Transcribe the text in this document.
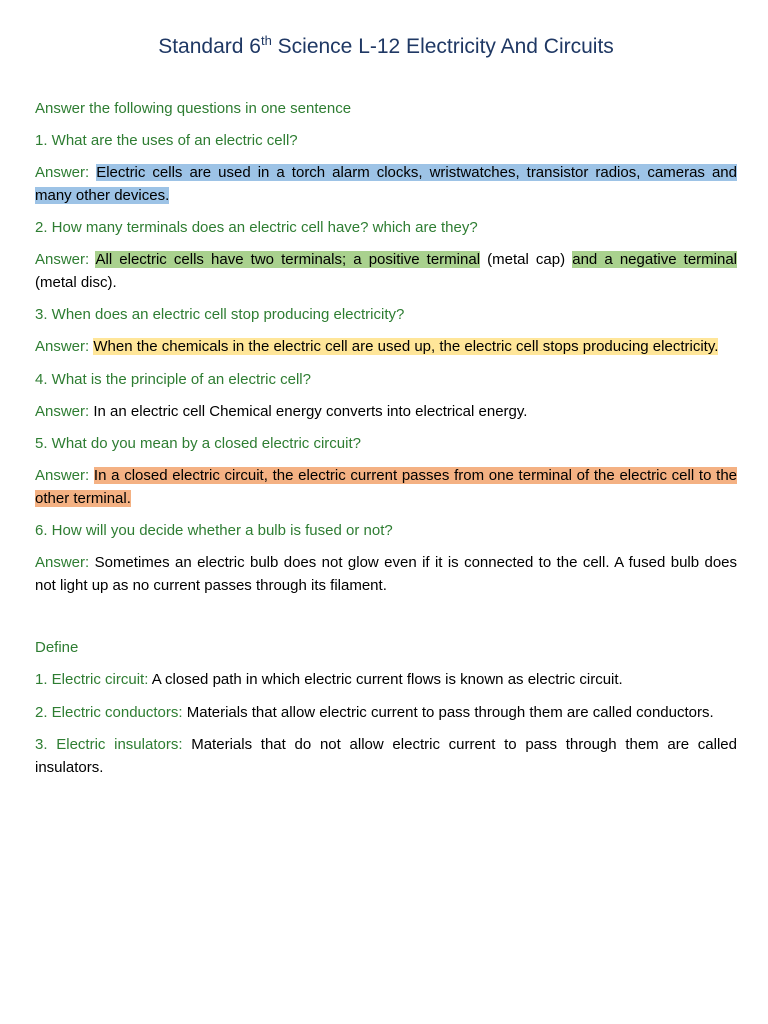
Standard 6th Science L-12 Electricity And Circuits
Answer the following questions in one sentence
1. What are the uses of an electric cell?
Answer: Electric cells are used in a torch alarm clocks, wristwatches, transistor radios, cameras and many other devices.
2. How many terminals does an electric cell have? which are they?
Answer: All electric cells have two terminals; a positive terminal (metal cap) and a negative terminal (metal disc).
3. When does an electric cell stop producing electricity?
Answer: When the chemicals in the electric cell are used up, the electric cell stops producing electricity.
4. What is the principle of an electric cell?
Answer: In an electric cell Chemical energy converts into electrical energy.
5. What do you mean by a closed electric circuit?
Answer: In a closed electric circuit, the electric current passes from one terminal of the electric cell to the other terminal.
6. How will you decide whether a bulb is fused or not?
Answer: Sometimes an electric bulb does not glow even if it is connected to the cell. A fused bulb does not light up as no current passes through its filament.
Define
1. Electric circuit: A closed path in which electric current flows is known as electric circuit.
2. Electric conductors: Materials that allow electric current to pass through them are called conductors.
3. Electric insulators: Materials that do not allow electric current to pass through them are called insulators.
